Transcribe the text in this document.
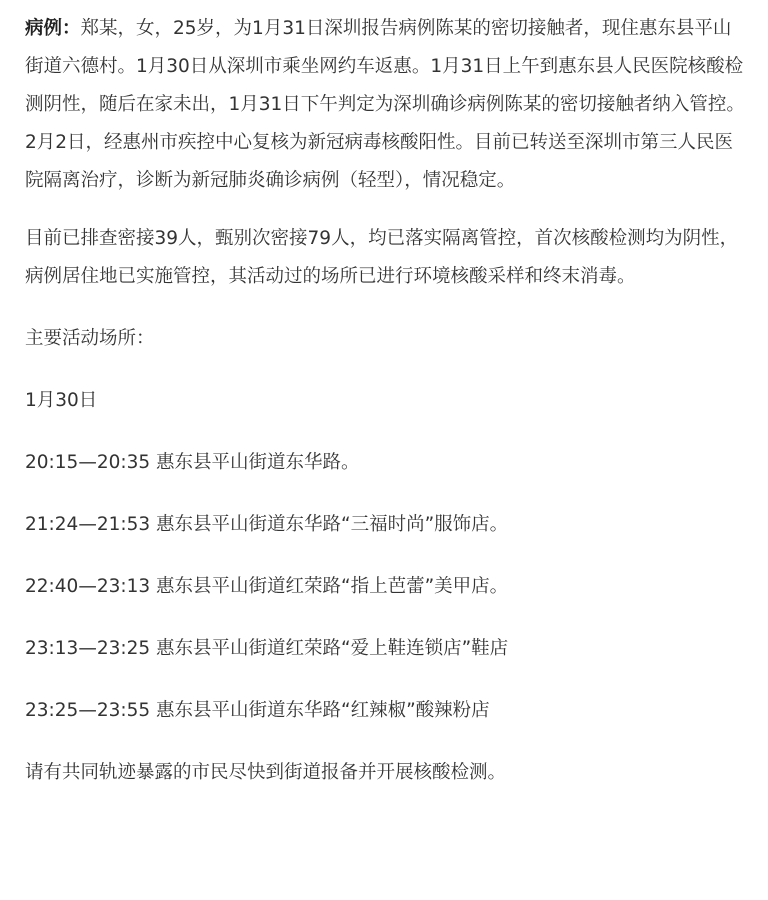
病例：郑某，女，25岁，为1月31日深圳报告病例陈某的密切接触者，现住惠东县平山街道六德村。1月30日从深圳市乘坐网约车返惠。1月31日上午到惠东县人民医院核酸检测阴性，随后在家未出，1月31日下午判定为深圳确诊病例陈某的密切接触者纳入管控。2月2日，经惠州市疾控中心复核为新冠病毒核酸阳性。目前已转送至深圳市第三人民医院隔离治疗，诊断为新冠肺炎确诊病例（轻型），情况稳定。

目前已排查密接39人，甄别次密接79人，均已落实隔离管控，首次核酸检测均为阴性，病例居住地已实施管控，其活动过的场所已进行环境核酸采样和终末消毒。

主要活动场所：

1月30日

20:15—20:35 惠东县平山街道东华路。

21:24—21:53 惠东县平山街道东华路“三福时尚”服饰店。

22:40—23:13 惠东县平山街道红荣路“指上芭蕾”美甲店。

23:13—23:25 惠东县平山街道红荣路“爱上鞋连锁店”鞋店

23:25—23:55 惠东县平山街道东华路“红辣椒”酸辣粉店

请有共同轨迹暴露的市民尽快到街道报备并开展核酸检测。
